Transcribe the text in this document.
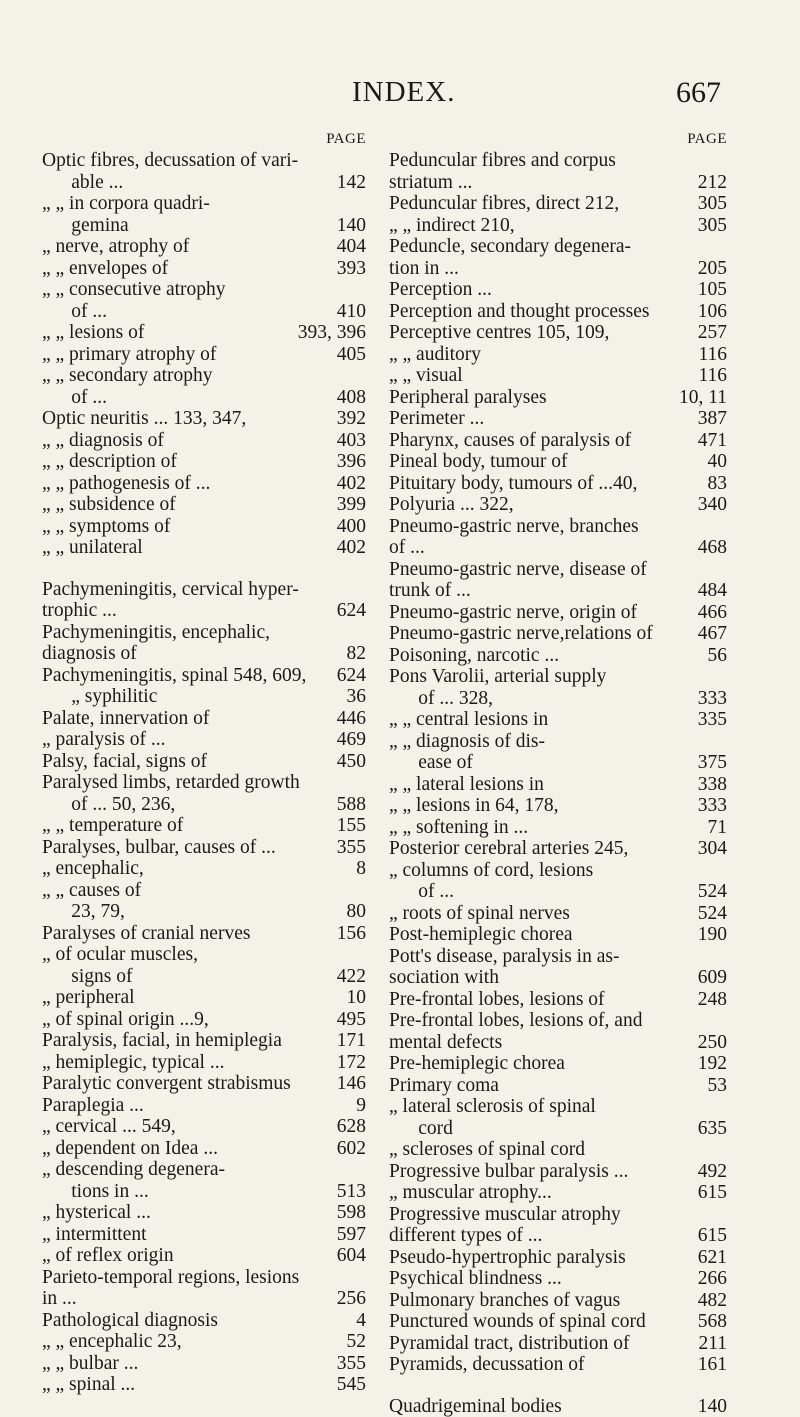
INDEX.	667
PAGE
Optic fibres, decussation of vari-
able ...	142
„ „ in corpora quadri-
gemina	140
„ nerve, atrophy of	404
„ „ envelopes of	393
„ „ consecutive atrophy
of ...	410
„ „ lesions of	393, 396
„ „ primary atrophy of	405
„ „ secondary atrophy
of ...	408
Optic neuritis ... 133, 347,	392
„ „ diagnosis of	403
„ „ description of	396
„ „ pathogenesis of ...	402
„ „ subsidence of	399
„ „ symptoms of	400
„ „ unilateral	402
Pachymeningitis, cervical hyper-
trophic ...	624
Pachymeningitis, encephalic,
diagnosis of	82
Pachymeningitis, spinal 548, 609,	624
„ syphilitic	36
Palate, innervation of	446
„ paralysis of ...	469
Palsy, facial, signs of	450
Paralysed limbs, retarded growth
of ... 50, 236,	588
„ „ temperature of	155
Paralyses, bulbar, causes of ...	355
„ encephalic,	8
„ „ causes of
23, 79,	80
Paralyses of cranial nerves	156
„ of ocular muscles,
signs of	422
„ peripheral	10
„ of spinal origin ...9,	495
Paralysis, facial, in hemiplegia	171
„ hemiplegic, typical ...	172
Paralytic convergent strabismus	146
Paraplegia ...	9
„ cervical ... 549,	628
„ dependent on Idea ...	602
„ descending degenera-
tions in ...	513
„ hysterical ...	598
„ intermittent	597
„ of reflex origin	604
Parieto-temporal regions, lesions
in ...	256
Pathological diagnosis	4
„ „ encephalic 23,	52
„ „ bulbar ...	355
„ „ spinal ...	545
PAGE
Peduncular fibres and corpus
striatum ...	212
Peduncular fibres, direct 212,	305
„ „ indirect 210,	305
Peduncle, secondary degenera-
tion in ...	205
Perception ...	105
Perception and thought processes	106
Perceptive centres 105, 109,	257
„ „ auditory	116
„ „ visual	116
Peripheral paralyses	10, 11
Perimeter ...	387
Pharynx, causes of paralysis of	471
Pineal body, tumour of	40
Pituitary body, tumours of ...40,	83
Polyuria ... 322,	340
Pneumo-gastric nerve, branches
of ...	468
Pneumo-gastric nerve, disease of
trunk of ...	484
Pneumo-gastric nerve, origin of	466
Pneumo-gastric nerve,relations of	467
Poisoning, narcotic ...	56
Pons Varolii, arterial supply
of ... 328,	333
„ „ central lesions in	335
„ „ diagnosis of dis-
ease of	375
„ „ lateral lesions in	338
„ „ lesions in 64, 178,	333
„ „ softening in ...	71
Posterior cerebral arteries 245,	304
„ columns of cord, lesions
of ...	524
„ roots of spinal nerves	524
Post-hemiplegic chorea	190
Pott's disease, paralysis in as-
sociation with	609
Pre-frontal lobes, lesions of	248
Pre-frontal lobes, lesions of, and
mental defects	250
Pre-hemiplegic chorea	192
Primary coma	53
„ lateral sclerosis of spinal
cord	635
„ scleroses of spinal cord
Progressive bulbar paralysis ...	492
„ muscular atrophy...	615
Progressive muscular atrophy
different types of ...	615
Pseudo-hypertrophic paralysis	621
Psychical blindness ...	266
Pulmonary branches of vagus	482
Punctured wounds of spinal cord	568
Pyramidal tract, distribution of	211
Pyramids, decussation of	161
Quadrigeminal bodies	140
